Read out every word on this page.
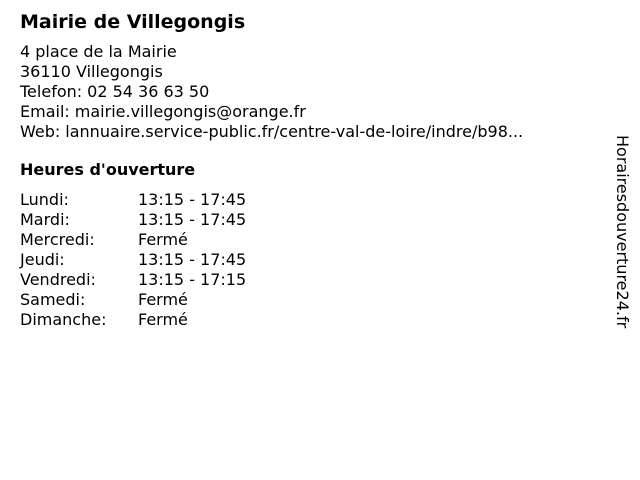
Mairie de Villegongis
4 place de la Mairie
36110 Villegongis
Telefon: 02 54 36 63 50
Email: mairie.villegongis@orange.fr
Web: lannuaire.service-public.fr/centre-val-de-loire/indre/b98...
Heures d'ouverture
Lundi:	13:15 - 17:45
Mardi:	13:15 - 17:45
Mercredi:	Fermé
Jeudi:	13:15 - 17:45
Vendredi:	13:15 - 17:15
Samedi:	Fermé
Dimanche:	Fermé	Horairesdouverture24.fr
